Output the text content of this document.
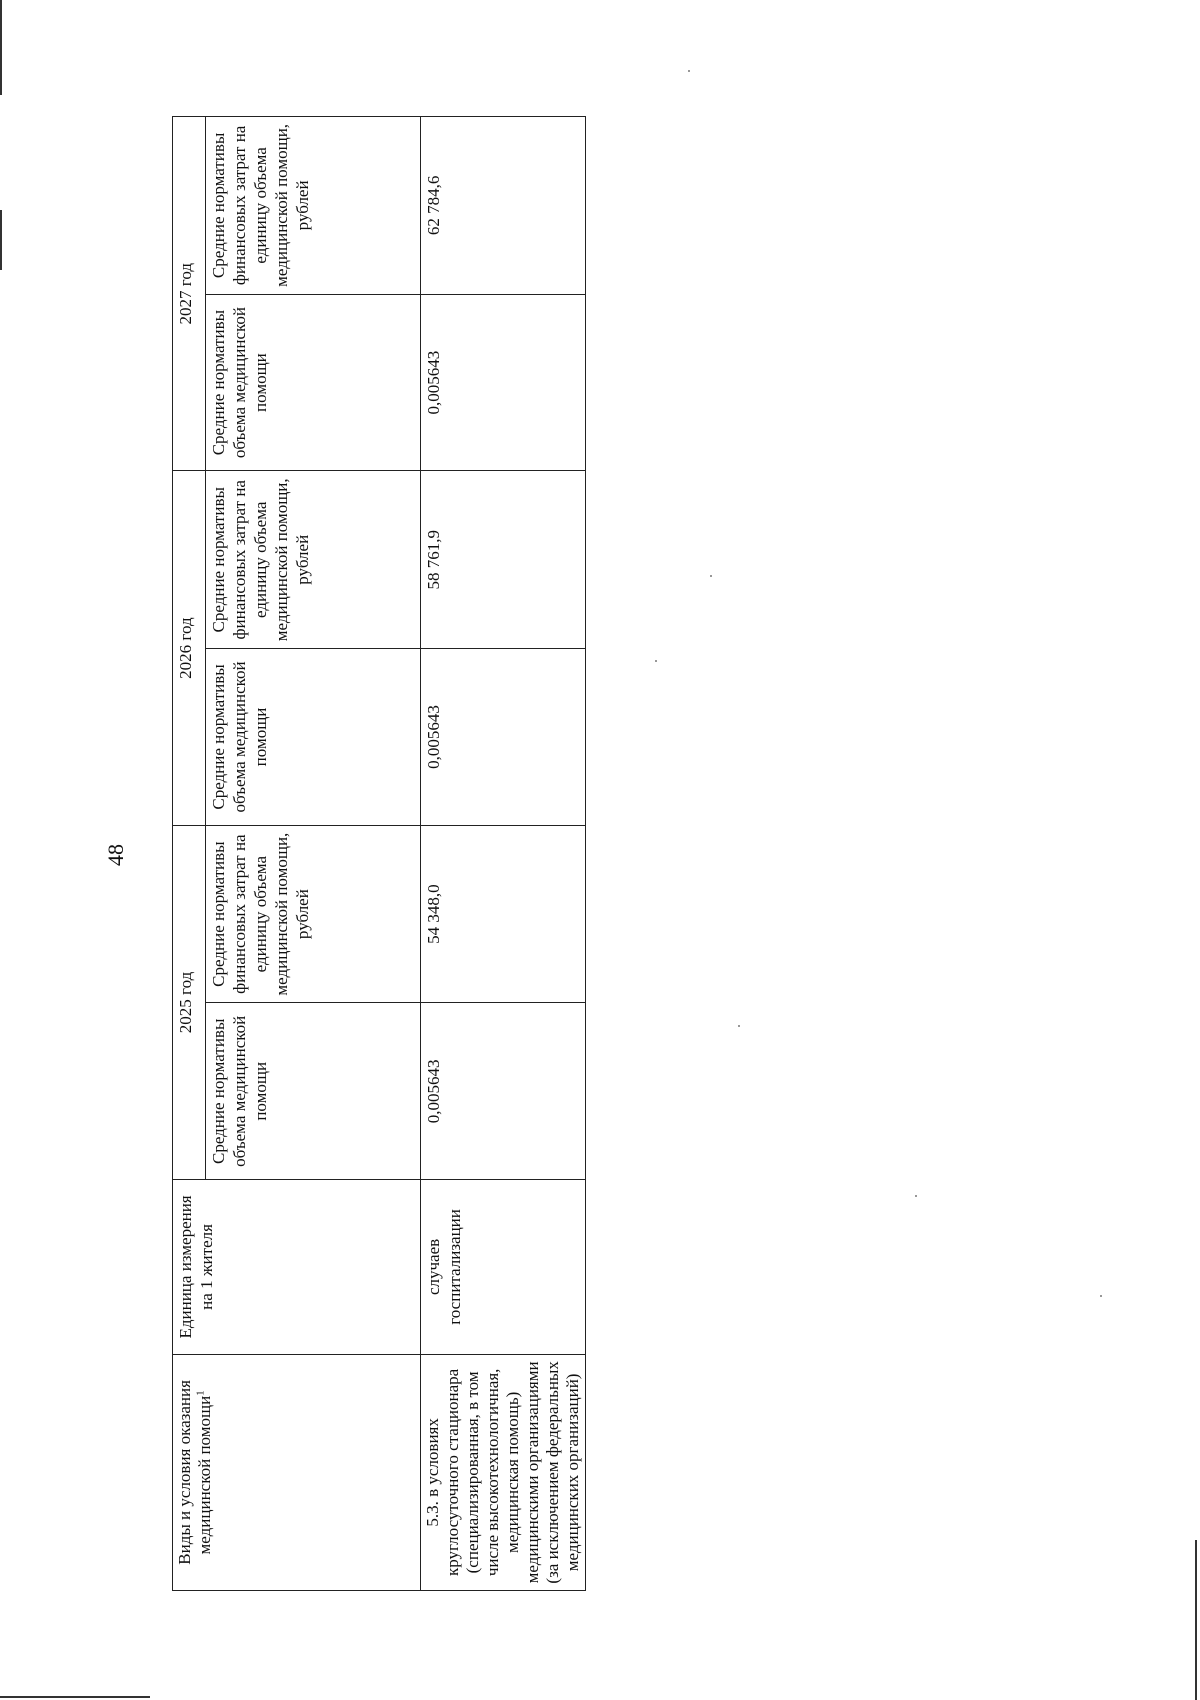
48
Виды и условия оказания медицинской помощи$^1$	Единица измерения на 1 жителя	2025 год		2026 год		2027 год	
		Средние нормативы объема медицинской помощи	Средние нормативы финансовых затрат на единицу объема медицинской помощи, рублей	Средние нормативы объема медицинской помощи	Средние нормативы финансовых затрат на единицу объема медицинской помощи, рублей	Средние нормативы объема медицинской помощи	Средние нормативы финансовых затрат на единицу объема медицинской помощи, рублей
5.3. в условиях круглосуточного стационара (специализированная, в том числе высокотехнологичная, медицинская помощь) медицинскими организациями (за исключением федеральных медицинских организаций)	случаев госпитализации	0,005643	54 348,0	0,005643	58 761,9	0,005643	62 784,6
